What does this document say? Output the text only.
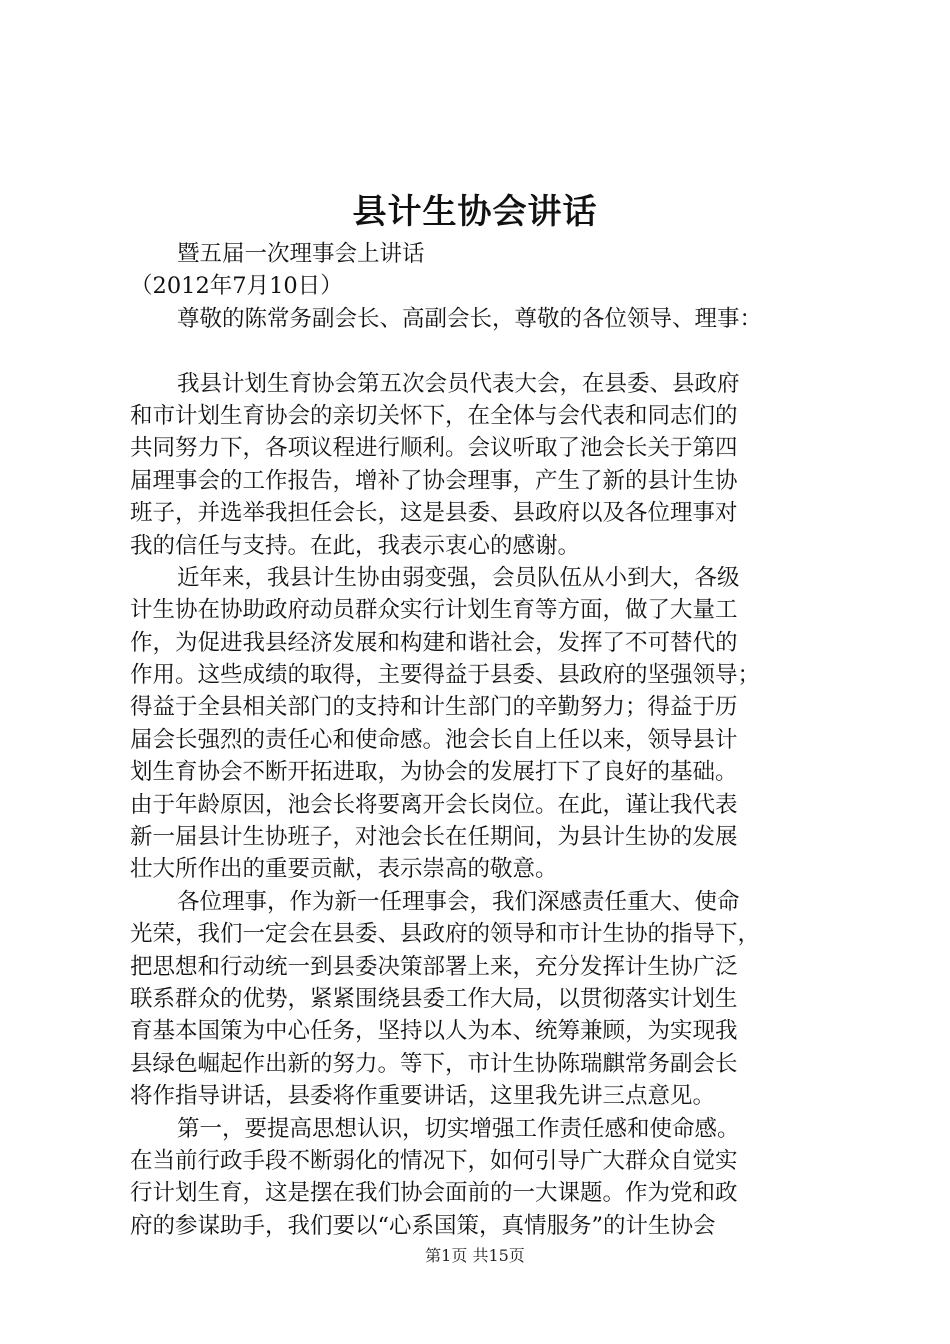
县计生协会讲话
暨五届一次理事会上讲话
（2012年7月10日）
尊敬的陈常务副会长、高副会长，尊敬的各位领导、理事：
我县计划生育协会第五次会员代表大会，在县委、县政府
和市计划生育协会的亲切关怀下，在全体与会代表和同志们的
共同努力下，各项议程进行顺利。会议听取了池会长关于第四
届理事会的工作报告，增补了协会理事，产生了新的县计生协
班子，并选举我担任会长，这是县委、县政府以及各位理事对
我的信任与支持。在此，我表示衷心的感谢。
近年来，我县计生协由弱变强，会员队伍从小到大，各级
计生协在协助政府动员群众实行计划生育等方面，做了大量工
作，为促进我县经济发展和构建和谐社会，发挥了不可替代的
作用。这些成绩的取得，主要得益于县委、县政府的坚强领导；
得益于全县相关部门的支持和计生部门的辛勤努力；得益于历
届会长强烈的责任心和使命感。池会长自上任以来，领导县计
划生育协会不断开拓进取，为协会的发展打下了良好的基础。
由于年龄原因，池会长将要离开会长岗位。在此，谨让我代表
新一届县计生协班子，对池会长在任期间，为县计生协的发展
壮大所作出的重要贡献，表示崇高的敬意。
各位理事，作为新一任理事会，我们深感责任重大、使命
光荣，我们一定会在县委、县政府的领导和市计生协的指导下，
把思想和行动统一到县委决策部署上来，充分发挥计生协广泛
联系群众的优势，紧紧围绕县委工作大局，以贯彻落实计划生
育基本国策为中心任务，坚持以人为本、统筹兼顾，为实现我
县绿色崛起作出新的努力。等下，市计生协陈瑞麒常务副会长
将作指导讲话，县委将作重要讲话，这里我先讲三点意见。
第一，要提高思想认识，切实增强工作责任感和使命感。
在当前行政手段不断弱化的情况下，如何引导广大群众自觉实
行计划生育，这是摆在我们协会面前的一大课题。作为党和政
府的参谋助手，我们要以“心系国策，真情服务”的计生协会
第1页 共15页
